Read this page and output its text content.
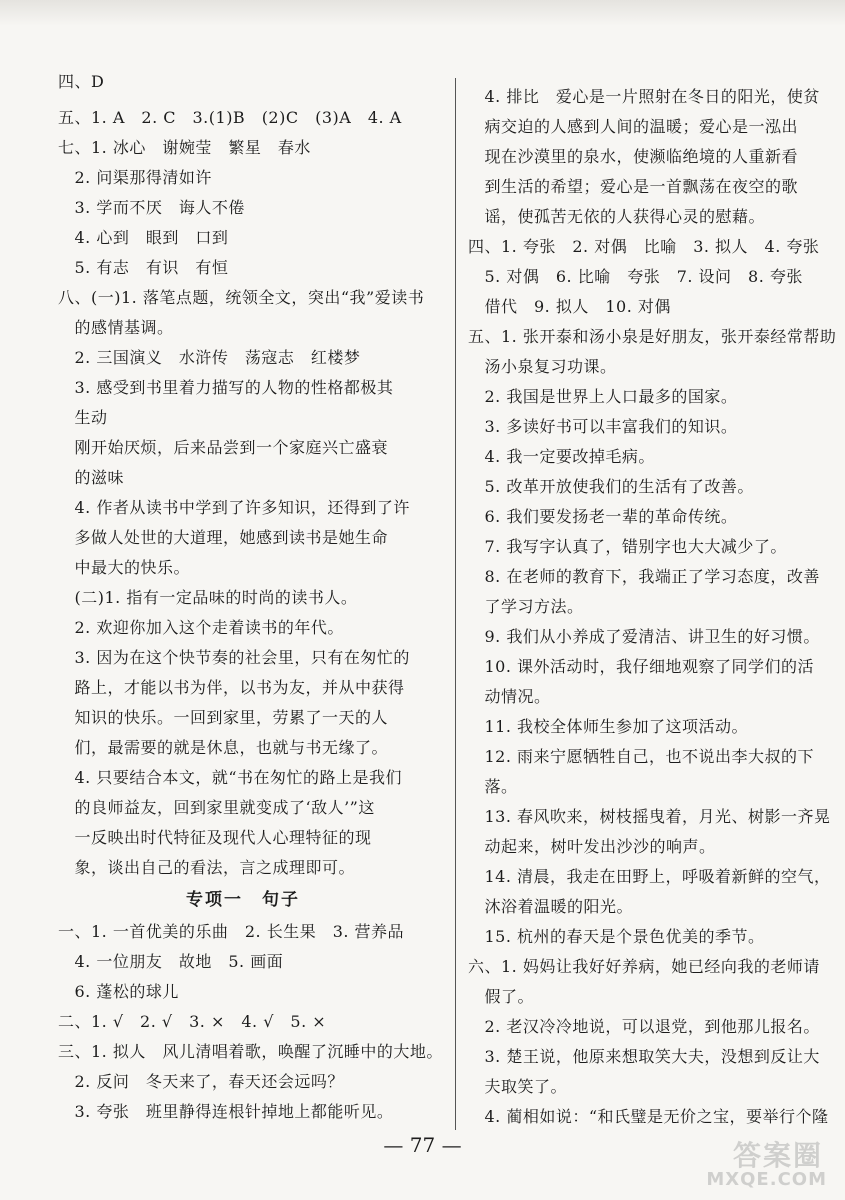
四、D
五、1. A　2. C　3.(1)B　(2)C　(3)A　4. A
七、1. 冰心　谢婉莹　繁星　春水
　2. 问渠那得清如许
　3. 学而不厌　诲人不倦
　4. 心到　眼到　口到
　5. 有志　有识　有恒
八、(一)1. 落笔点题，统领全文，突出“我”爱读书
　的感情基调。
　2. 三国演义　水浒传　荡寇志　红楼梦
　3. 感受到书里着力描写的人物的性格都极其
　生动
　刚开始厌烦，后来品尝到一个家庭兴亡盛衰
　的滋味
　4. 作者从读书中学到了许多知识，还得到了许
　多做人处世的大道理，她感到读书是她生命
　中最大的快乐。
　(二)1. 指有一定品味的时尚的读书人。
　2. 欢迎你加入这个走着读书的年代。
　3. 因为在这个快节奏的社会里，只有在匆忙的
　路上，才能以书为伴，以书为友，并从中获得
　知识的快乐。一回到家里，劳累了一天的人
　们，最需要的就是休息，也就与书无缘了。
　4. 只要结合本文，就“书在匆忙的路上是我们
　的良师益友，回到家里就变成了‘敌人’”这
　一反映出时代特征及现代人心理特征的现
　象，谈出自己的看法，言之成理即可。
专项一　句子
一、1. 一首优美的乐曲　2. 长生果　3. 营养品
　4. 一位朋友　故地　5. 画面
　6. 蓬松的球儿
二、1. √　2. √　3. ×　4. √　5. ×
三、1. 拟人　风儿清唱着歌，唤醒了沉睡中的大地。
　2. 反问　冬天来了，春天还会远吗？
　3. 夸张　班里静得连根针掉地上都能听见。
　4. 排比　爱心是一片照射在冬日的阳光，使贫
　病交迫的人感到人间的温暖；爱心是一泓出
　现在沙漠里的泉水，使濒临绝境的人重新看
　到生活的希望；爱心是一首飘荡在夜空的歌
　谣，使孤苦无依的人获得心灵的慰藉。
四、1. 夸张　2. 对偶　比喻　3. 拟人　4. 夸张
　5. 对偶　6. 比喻　夸张　7. 设问　8. 夸张
　借代　9. 拟人　10. 对偶
五、1. 张开泰和汤小泉是好朋友，张开泰经常帮助
　汤小泉复习功课。
　2. 我国是世界上人口最多的国家。
　3. 多读好书可以丰富我们的知识。
　4. 我一定要改掉毛病。
　5. 改革开放使我们的生活有了改善。
　6. 我们要发扬老一辈的革命传统。
　7. 我写字认真了，错别字也大大减少了。
　8. 在老师的教育下，我端正了学习态度，改善
　了学习方法。
　9. 我们从小养成了爱清洁、讲卫生的好习惯。
　10. 课外活动时，我仔细地观察了同学们的活
　动情况。
　11. 我校全体师生参加了这项活动。
　12. 雨来宁愿牺牲自己，也不说出李大叔的下
　落。
　13. 春风吹来，树枝摇曳着，月光、树影一齐晃
　动起来，树叶发出沙沙的响声。
　14. 清晨，我走在田野上，呼吸着新鲜的空气，
　沐浴着温暖的阳光。
　15. 杭州的春天是个景色优美的季节。
六、1. 妈妈让我好好养病，她已经向我的老师请
　假了。
　2. 老汉冷冷地说，可以退党，到他那儿报名。
　3. 楚王说，他原来想取笑大夫，没想到反让大
　夫取笑了。
　4. 蔺相如说：“和氏璧是无价之宝，要举行个隆
— 77 —	答案圈
MXQE.COM
